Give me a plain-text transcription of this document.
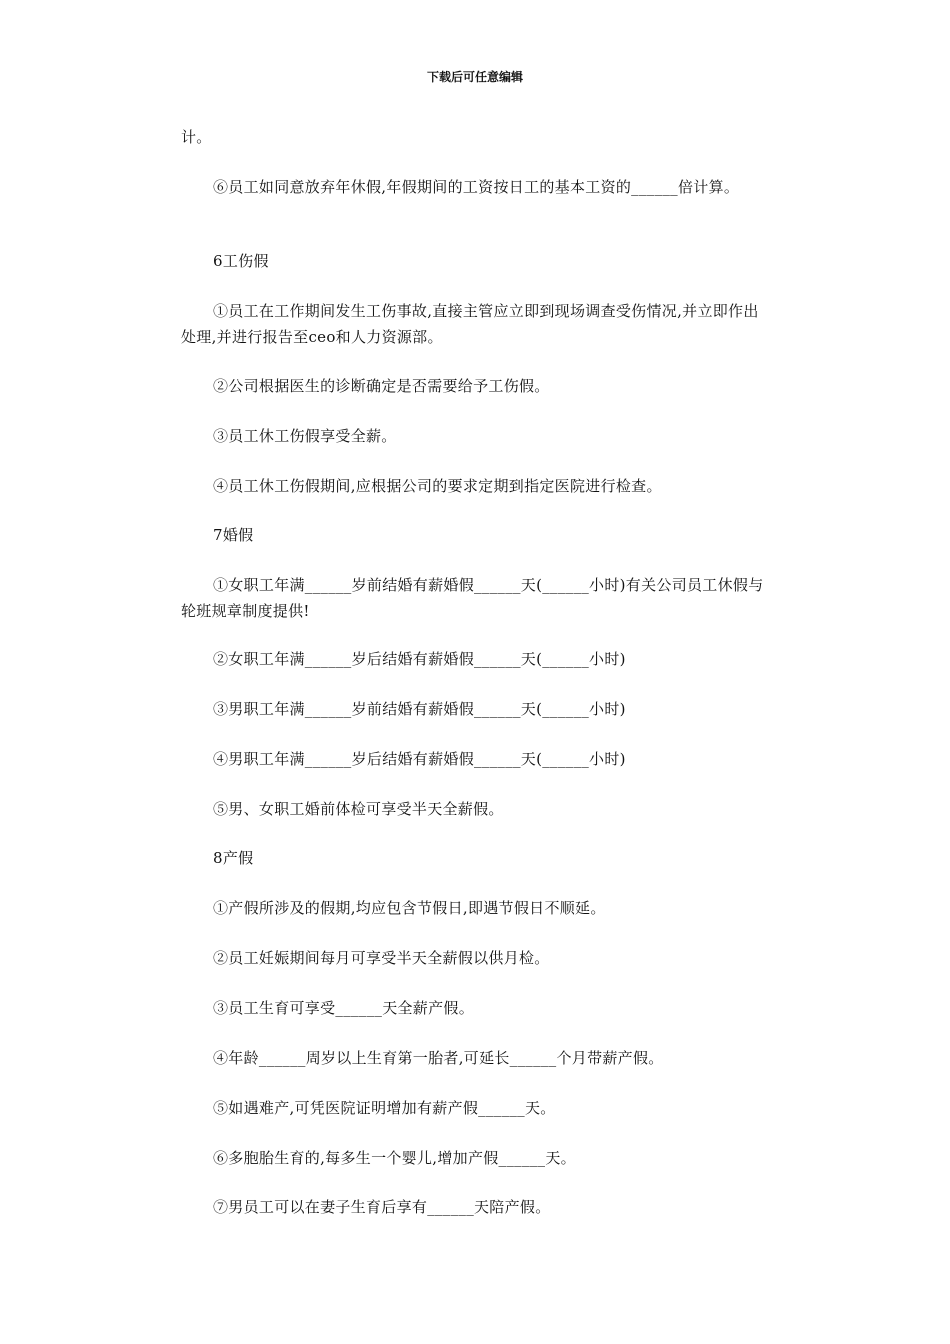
下载后可任意编辑
计。
⑥员工如同意放弃年休假,年假期间的工资按日工的基本工资的______倍计算。
6工伤假
①员工在工作期间发生工伤事故,直接主管应立即到现场调查受伤情况,并立即作出处理,并进行报告至ceo和人力资源部。
②公司根据医生的诊断确定是否需要给予工伤假。
③员工休工伤假享受全薪。
④员工休工伤假期间,应根据公司的要求定期到指定医院进行检查。
7婚假
①女职工年满______岁前结婚有薪婚假______天(______小时)有关公司员工休假与轮班规章制度提供!
②女职工年满______岁后结婚有薪婚假______天(______小时)
③男职工年满______岁前结婚有薪婚假______天(______小时)
④男职工年满______岁后结婚有薪婚假______天(______小时)
⑤男、女职工婚前体检可享受半天全薪假。
8产假
①产假所涉及的假期,均应包含节假日,即遇节假日不顺延。
②员工妊娠期间每月可享受半天全薪假以供月检。
③员工生育可享受______天全薪产假。
④年龄______周岁以上生育第一胎者,可延长______个月带薪产假。
⑤如遇难产,可凭医院证明增加有薪产假______天。
⑥多胞胎生育的,每多生一个婴儿,增加产假______天。
⑦男员工可以在妻子生育后享有______天陪产假。
